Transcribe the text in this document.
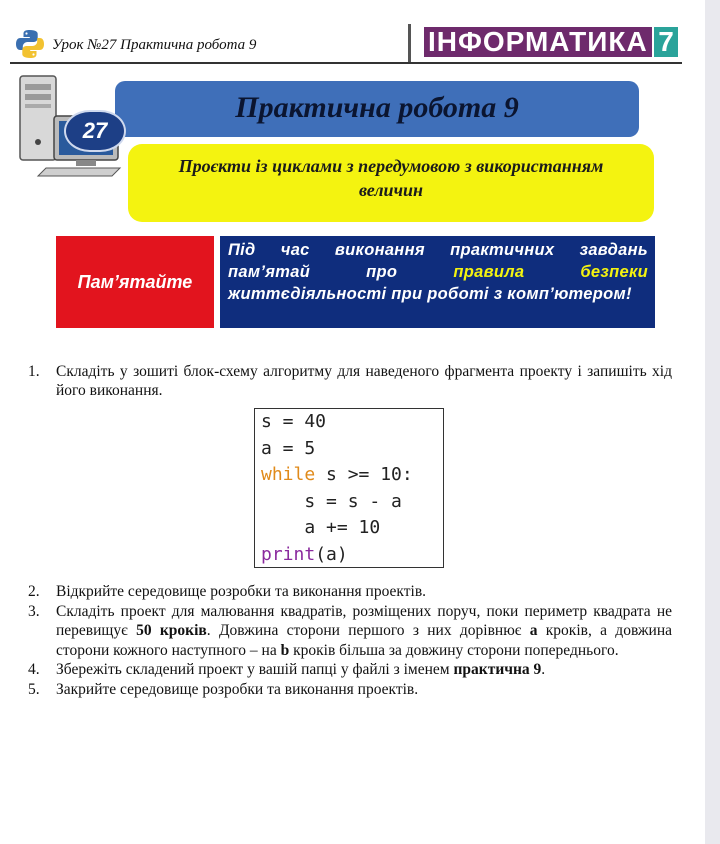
Урок №27 Практична робота 9	ІНФОРМАТИКА 7
Практична робота 9
27
Проєкти із циклами з передумовою з використанням величин
Пам’ятайте
Під час виконання практичних завдань пам’ятай про правила безпеки життєдіяльності при роботі з комп’ютером!
1. Складіть у зошиті блок-схему алгоритму для наведеного фрагмента проекту і запишіть хід його виконання.
s = 40
a = 5
while s >= 10:
s = s - a
a += 10
print(a)
2. Відкрийте середовище розробки та виконання проектів.
3. Складіть проект для малювання квадратів, розміщених поруч, поки периметр квадрата не перевищує 50 кроків. Довжина сторони першого з них дорівнює a кроків, а довжина сторони кожного наступного – на b кроків більша за довжину сторони попереднього.
4. Збережіть складений проект у вашій папці у файлі з іменем практична 9.
5. Закрийте середовище розробки та виконання проектів.
